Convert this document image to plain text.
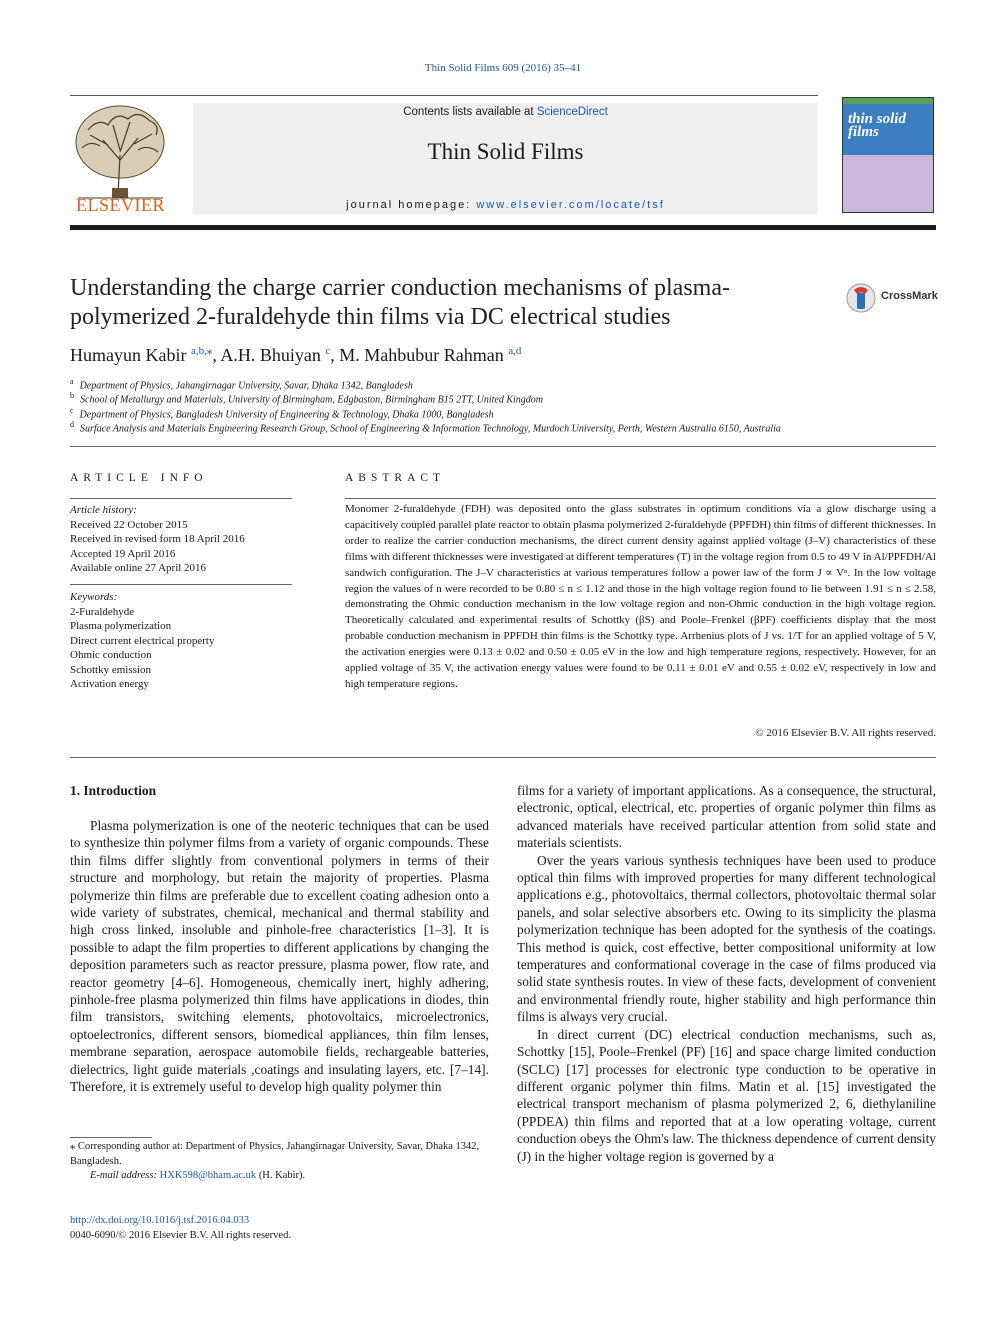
Thin Solid Films 609 (2016) 35–41
ELSEVIER
Contents lists available at ScienceDirect
Thin Solid Films
journal homepage: www.elsevier.com/locate/tsf
thin solid films
Understanding the charge carrier conduction mechanisms of plasma-polymerized 2-furaldehyde thin films via DC electrical studies
CrossMark
Humayun Kabir $^{a,b,⁎}$, A.H. Bhuiyan $^c$, M. Mahbubur Rahman $^{a,d}$
$^a$ Department of Physics, Jahangirnagar University, Savar, Dhaka 1342, Bangladesh
$^b$ School of Metallurgy and Materials, University of Birmingham, Edgbaston, Birmingham B15 2TT, United Kingdom
$^c$ Department of Physics, Bangladesh University of Engineering & Technology, Dhaka 1000, Bangladesh
$^d$ Surface Analysis and Materials Engineering Research Group, School of Engineering & Information Technology, Murdoch University, Perth, Western Australia 6150, Australia
ARTICLE INFO
Article history:
Received 22 October 2015
Received in revised form 18 April 2016
Accepted 19 April 2016
Available online 27 April 2016
Keywords:
2-Furaldehyde
Plasma polymerization
Direct current electrical property
Ohmic conduction
Schottky emission
Activation energy
ABSTRACT
Monomer 2-furaldehyde (FDH) was deposited onto the glass substrates in optimum conditions via a glow discharge using a capacitively coupled parallel plate reactor to obtain plasma polymerized 2-furaldehyde (PPFDH) thin films of different thicknesses. In order to realize the carrier conduction mechanisms, the direct current density against applied voltage (J–V) characteristics of these films with different thicknesses were investigated at different temperatures (T) in the voltage region from 0.5 to 49 V in Al/PPFDH/Al sandwich configuration. The J–V characteristics at various temperatures follow a power law of the form J ∝ Vⁿ. In the low voltage region the values of n were recorded to be 0.80 ≤ n ≤ 1.12 and those in the high voltage region found to lie between 1.91 ≤ n ≤ 2.58, demonstrating the Ohmic conduction mechanism in the low voltage region and non-Ohmic conduction in the high voltage region. Theoretically calculated and experimental results of Schottky (βS) and Poole–Frenkel (βPF) coefficients display that the most probable conduction mechanism in PPFDH thin films is the Schottky type. Arrhenius plots of J vs. 1/T for an applied voltage of 5 V, the activation energies were 0.13 ± 0.02 and 0.50 ± 0.05 eV in the low and high temperature regions, respectively. However, for an applied voltage of 35 V, the activation energy values were found to be 0.11 ± 0.01 eV and 0.55 ± 0.02 eV, respectively in low and high temperature regions.
© 2016 Elsevier B.V. All rights reserved.
1. Introduction

Plasma polymerization is one of the neoteric techniques that can be used to synthesize thin polymer films from a variety of organic compounds. These thin films differ slightly from conventional polymers in terms of their structure and morphology, but retain the majority of properties. Plasma polymerize thin films are preferable due to excellent coating adhesion onto a wide variety of substrates, chemical, mechanical and thermal stability and high cross linked, insoluble and pinhole-free characteristics [1–3]. It is possible to adapt the film properties to different applications by changing the deposition parameters such as reactor pressure, plasma power, flow rate, and reactor geometry [4–6]. Homogeneous, chemically inert, highly adhering, pinhole-free plasma polymerized thin films have applications in diodes, thin film transistors, switching elements, photovoltaics, microelectronics, optoelectronics, different sensors, biomedical appliances, thin film lenses, membrane separation, aerospace automobile fields, rechargeable batteries, dielectrics, light guide materials ,coatings and insulating layers, etc. [7–14]. Therefore, it is extremely useful to develop high quality polymer thin

films for a variety of important applications. As a consequence, the structural, electronic, optical, electrical, etc. properties of organic polymer thin films as advanced materials have received particular attention from solid state and materials scientists.

Over the years various synthesis techniques have been used to produce optical thin films with improved properties for many different technological applications e.g., photovoltaics, thermal collectors, photovoltaic thermal solar panels, and solar selective absorbers etc. Owing to its simplicity the plasma polymerization technique has been adopted for the synthesis of the coatings. This method is quick, cost effective, better compositional uniformity at low temperatures and conformational coverage in the case of films produced via solid state synthesis routes. In view of these facts, development of convenient and environmental friendly route, higher stability and high performance thin films is always very crucial.

In direct current (DC) electrical conduction mechanisms, such as, Schottky [15], Poole–Frenkel (PF) [16] and space charge limited conduction (SCLC) [17] processes for electronic type conduction to be operative in different organic polymer thin films. Matin et al. [15] investigated the electrical transport mechanism of plasma polymerized 2, 6, diethylaniline (PPDEA) thin films and reported that at a low operating voltage, current conduction obeys the Ohm's law. The thickness dependence of current density (J) in the higher voltage region is governed by a

⁎ Corresponding author at: Department of Physics, Jahangirnagar University, Savar, Dhaka 1342, Bangladesh.
E-mail address: HXK598@bham.ac.uk (H. Kabir).
http://dx.doi.org/10.1016/j.tsf.2016.04.033
0040-6090/© 2016 Elsevier B.V. All rights reserved.
